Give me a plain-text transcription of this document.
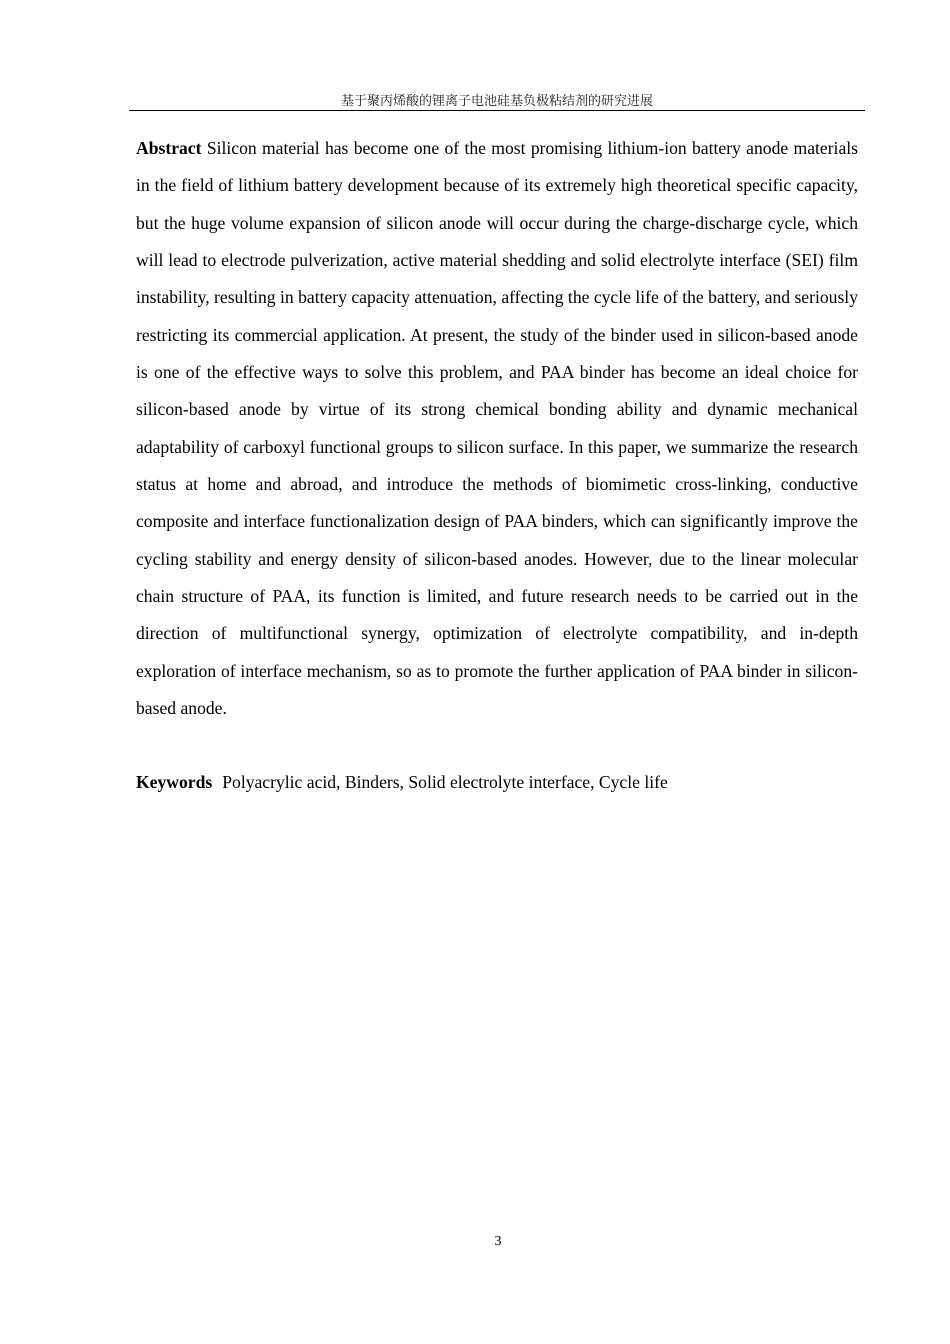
基于聚丙烯酸的锂离子电池硅基负极粘结剂的研究进展

Abstract Silicon material has become one of the most promising lithium-ion battery anode materials in the field of lithium battery development because of its extremely high theoretical specific capacity, but the huge volume expansion of silicon anode will occur during the charge-discharge cycle, which will lead to electrode pulverization, active material shedding and solid electrolyte interface (SEI) film instability, resulting in battery capacity attenuation, affecting the cycle life of the battery, and seriously restricting its commercial application. At present, the study of the binder used in silicon-based anode is one of the effective ways to solve this problem, and PAA binder has become an ideal choice for silicon-based anode by virtue of its strong chemical bonding ability and dynamic mechanical adaptability of carboxyl functional groups to silicon surface. In this paper, we summarize the research status at home and abroad, and introduce the methods of biomimetic cross-linking, conductive composite and interface functionalization design of PAA binders, which can significantly improve the cycling stability and energy density of silicon-based anodes. However, due to the linear molecular chain structure of PAA, its function is limited, and future research needs to be carried out in the direction of multifunctional synergy, optimization of electrolyte compatibility, and in-depth exploration of interface mechanism, so as to promote the further application of PAA binder in silicon-based anode.

Keywords Polyacrylic acid, Binders, Solid electrolyte interface, Cycle life

3
